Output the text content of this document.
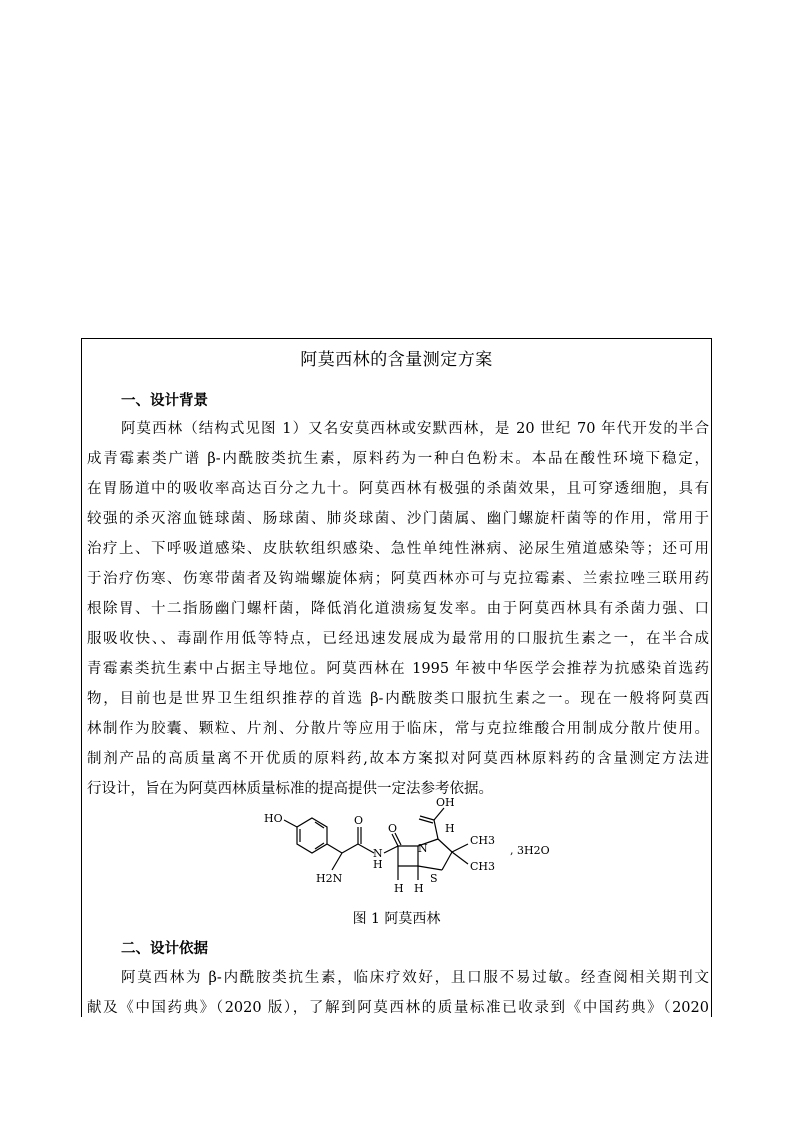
阿莫西林的含量测定方案
一、设计背景
阿莫西林（结构式见图 1）又名安莫西林或安默西林，是 20 世纪 70 年代开发的半合
成青霉素类广谱 β-内酰胺类抗生素，原料药为一种白色粉末。本品在酸性环境下稳定，
在胃肠道中的吸收率高达百分之九十。阿莫西林有极强的杀菌效果，且可穿透细胞，具有
较强的杀灭溶血链球菌、肠球菌、肺炎球菌、沙门菌属、幽门螺旋杆菌等的作用，常用于
治疗上、下呼吸道感染、皮肤软组织感染、急性单纯性淋病、泌尿生殖道感染等；还可用
于治疗伤寒、伤寒带菌者及钩端螺旋体病；阿莫西林亦可与克拉霉素、兰索拉唑三联用药
根除胃、十二指肠幽门螺杆菌，降低消化道溃疡复发率。由于阿莫西林具有杀菌力强、口
服吸收快、、毒副作用低等特点，已经迅速发展成为最常用的口服抗生素之一，在半合成
青霉素类抗生素中占据主导地位。阿莫西林在 1995 年被中华医学会推荐为抗感染首选药
物，目前也是世界卫生组织推荐的首选 β-内酰胺类口服抗生素之一。现在一般将阿莫西
林制作为胶囊、颗粒、片剂、分散片等应用于临床，常与克拉维酸合用制成分散片使用。
制剂产品的高质量离不开优质的原料药,故本方案拟对阿莫西林原料药的含量测定方法进
行设计，旨在为阿莫西林质量标准的提高提供一定法参考依据。
OH
HO	O
O
N
H
N
H
CH3
CH3
S
H H
H2N
, 3H2O
图 1 阿莫西林
二、设计依据
阿莫西林为 β-内酰胺类抗生素，临床疗效好，且口服不易过敏。经查阅相关期刊文
献及《中国药典》（2020 版），了解到阿莫西林的质量标准已收录到《中国药典》（2020
